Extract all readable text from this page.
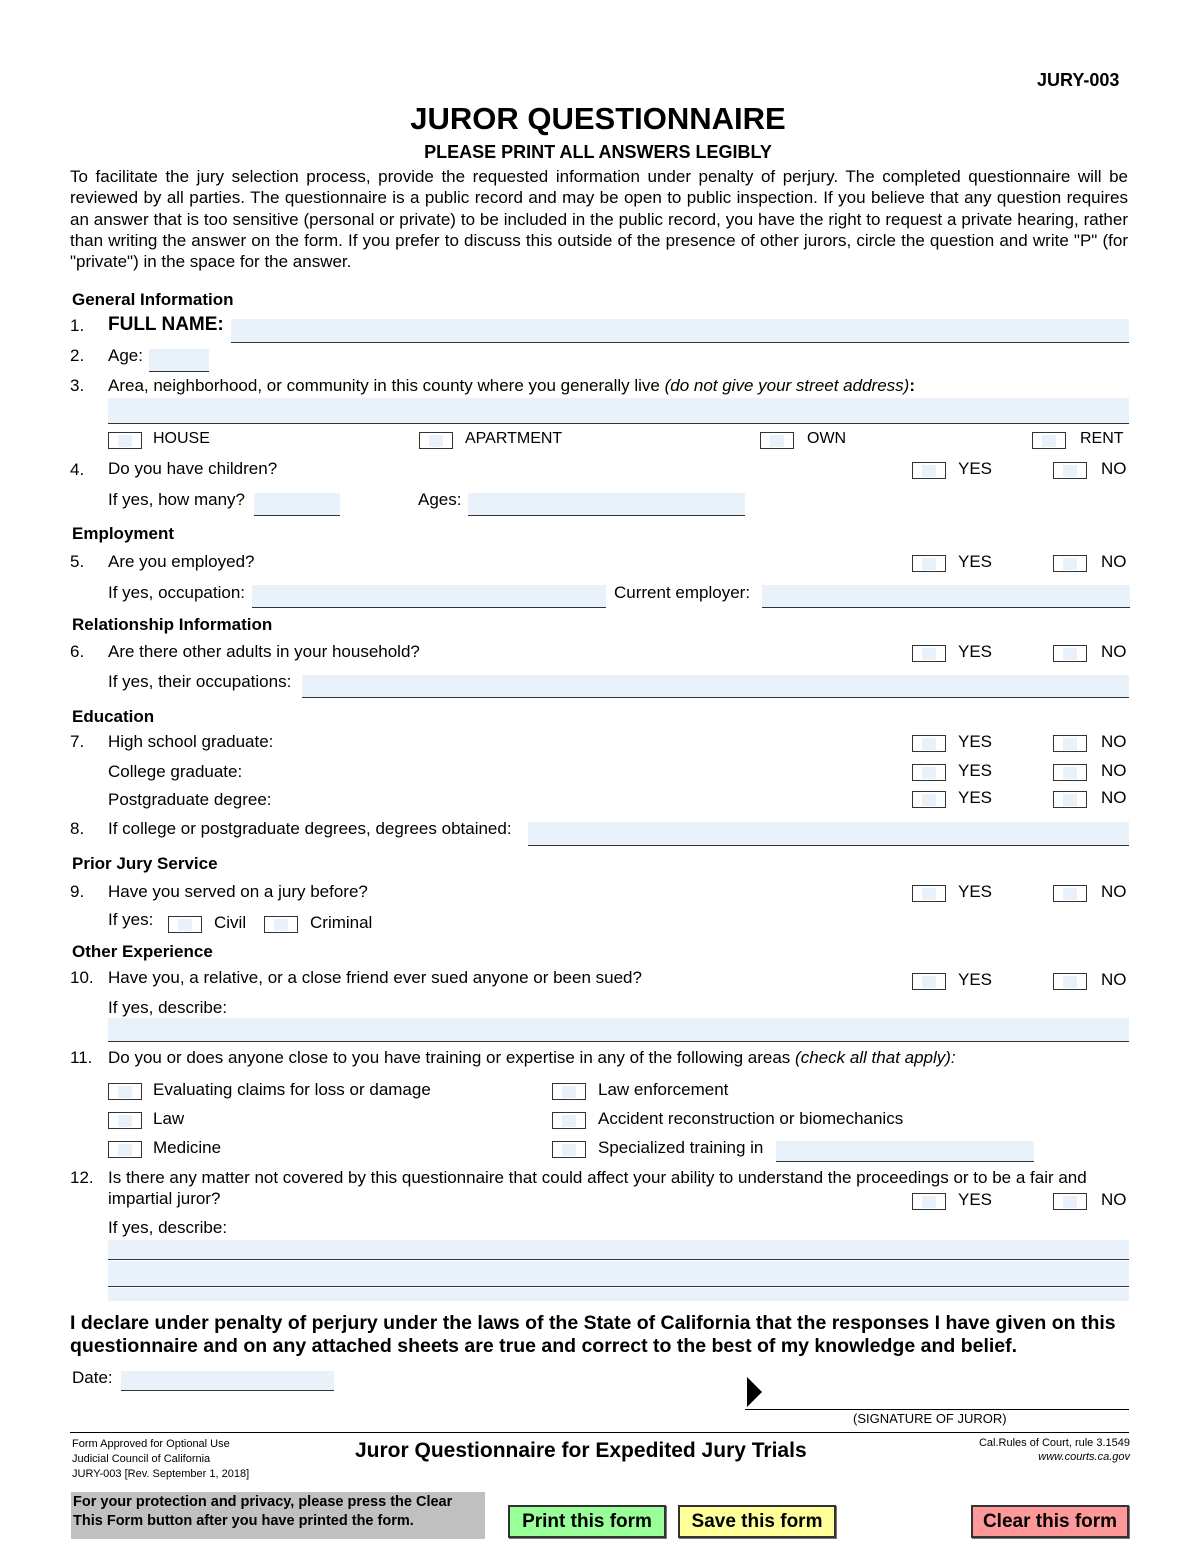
JURY-003
JUROR QUESTIONNAIRE
PLEASE PRINT ALL ANSWERS LEGIBLY
To facilitate the jury selection process, provide the requested information under penalty of perjury. The completed questionnaire will be reviewed by all parties. The questionnaire is a public record and may be open to public inspection. If you believe that any question requires an answer that is too sensitive (personal or private) to be included in the public record, you have the right to request a private hearing, rather than writing the answer on the form. If you prefer to discuss this outside of the presence of other jurors, circle the question and write "P" (for "private") in the space for the answer.
General Information
1. FULL NAME:
2. Age:
3. Area, neighborhood, or community in this county where you generally live (do not give your street address):
HOUSE	APARTMENT	OWN	RENT
4. Do you have children?	YES	NO
If yes, how many?	Ages:
Employment
5. Are you employed?	YES	NO
If yes, occupation:	Current employer:
Relationship Information
6. Are there other adults in your household?	YES	NO
If yes, their occupations:
Education
7. High school graduate:	YES	NO
College graduate:	YES	NO
Postgraduate degree:	YES	NO
8. If college or postgraduate degrees, degrees obtained:
Prior Jury Service
9. Have you served on a jury before?	YES	NO
If yes:	Civil	Criminal
Other Experience
10. Have you, a relative, or a close friend ever sued anyone or been sued?	YES	NO
If yes, describe:
11. Do you or does anyone close to you have training or expertise in any of the following areas (check all that apply):
Evaluating claims for loss or damage	Law enforcement
Law	Accident reconstruction or biomechanics
Medicine	Specialized training in
12. Is there any matter not covered by this questionnaire that could affect your ability to understand the proceedings or to be a fair and
impartial juror?	YES	NO
If yes, describe:
I declare under penalty of perjury under the laws of the State of California that the responses I have given on this questionnaire and on any attached sheets are true and correct to the best of my knowledge and belief.
Date:
(SIGNATURE OF JUROR)
Form Approved for Optional Use
Judicial Council of California
JURY-003 [Rev. September 1, 2018]
Juror Questionnaire for Expedited Jury Trials	Cal.Rules of Court, rule 3.1549
www.courts.ca.gov
For your protection and privacy, please press the Clear This Form button after you have printed the form.	Print this form	Save this form	Clear this form
